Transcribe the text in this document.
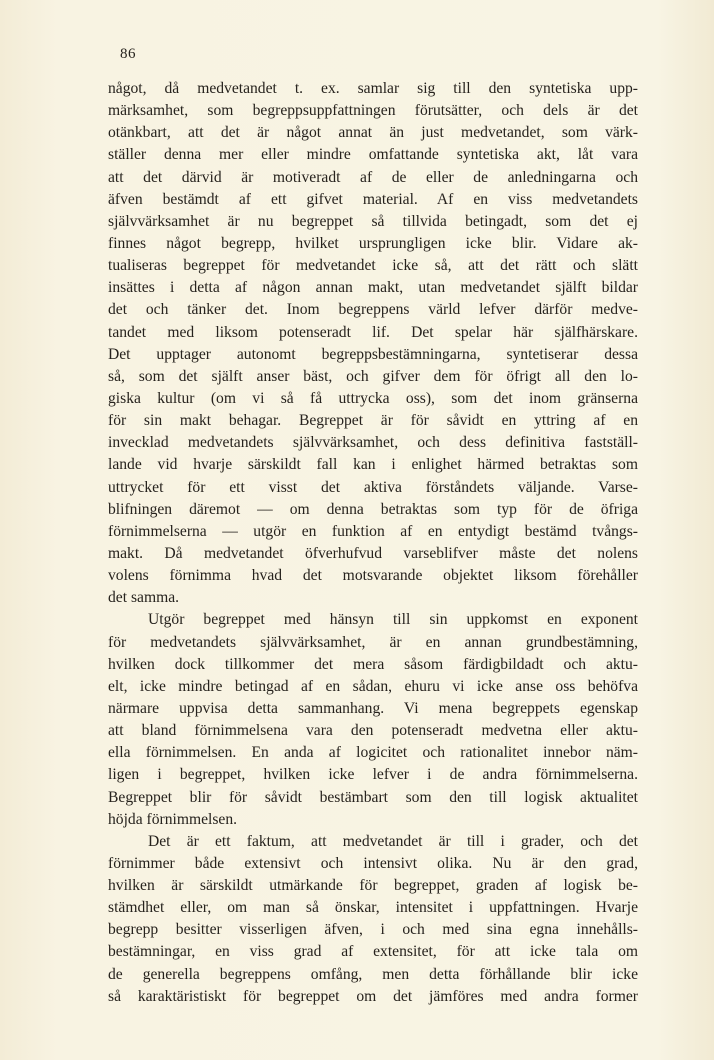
86
något, då medvetandet t. ex. samlar sig till den syntetiska upp-
märksamhet, som begreppsuppfattningen förutsätter, och dels är det
otänkbart, att det är något annat än just medvetandet, som värk-
ställer denna mer eller mindre omfattande syntetiska akt, låt vara
att det därvid är motiveradt af de eller de anledningarna och
äfven bestämdt af ett gifvet material. Af en viss medvetandets
självvärksamhet är nu begreppet så tillvida betingadt, som det ej
finnes något begrepp, hvilket ursprungligen icke blir. Vidare ak-
tualiseras begreppet för medvetandet icke så, att det rätt och slätt
insättes i detta af någon annan makt, utan medvetandet själft bildar
det och tänker det. Inom begreppens värld lefver därför medve-
tandet med liksom potenseradt lif. Det spelar här själfhärskare.
Det upptager autonomt begreppsbestämningarna, syntetiserar dessa
så, som det själft anser bäst, och gifver dem för öfrigt all den lo-
giska kultur (om vi så få uttrycka oss), som det inom gränserna
för sin makt behagar. Begreppet är för såvidt en yttring af en
invecklad medvetandets självvärksamhet, och dess definitiva fastställ-
lande vid hvarje särskildt fall kan i enlighet härmed betraktas som
uttrycket för ett visst det aktiva förståndets väljande. Varse-
blifningen däremot — om denna betraktas som typ för de öfriga
förnimmelserna — utgör en funktion af en entydigt bestämd tvångs-
makt. Då medvetandet öfverhufvud varseblifver måste det nolens
volens förnimma hvad det motsvarande objektet liksom förehåller
det samma.
Utgör begreppet med hänsyn till sin uppkomst en exponent
för medvetandets självvärksamhet, är en annan grundbestämning,
hvilken dock tillkommer det mera såsom färdigbildadt och aktu-
elt, icke mindre betingad af en sådan, ehuru vi icke anse oss behöfva
närmare uppvisa detta sammanhang. Vi mena begreppets egenskap
att bland förnimmelsena vara den potenseradt medvetna eller aktu-
ella förnimmelsen. En anda af logicitet och rationalitet innebor näm-
ligen i begreppet, hvilken icke lefver i de andra förnimmelserna.
Begreppet blir för såvidt bestämbart som den till logisk aktualitet
höjda förnimmelsen.
Det är ett faktum, att medvetandet är till i grader, och det
förnimmer både extensivt och intensivt olika. Nu är den grad,
hvilken är särskildt utmärkande för begreppet, graden af logisk be-
stämdhet eller, om man så önskar, intensitet i uppfattningen. Hvarje
begrepp besitter visserligen äfven, i och med sina egna innehålls-
bestämningar, en viss grad af extensitet, för att icke tala om
de generella begreppens omfång, men detta förhållande blir icke
så karaktäristiskt för begreppet om det jämföres med andra former
